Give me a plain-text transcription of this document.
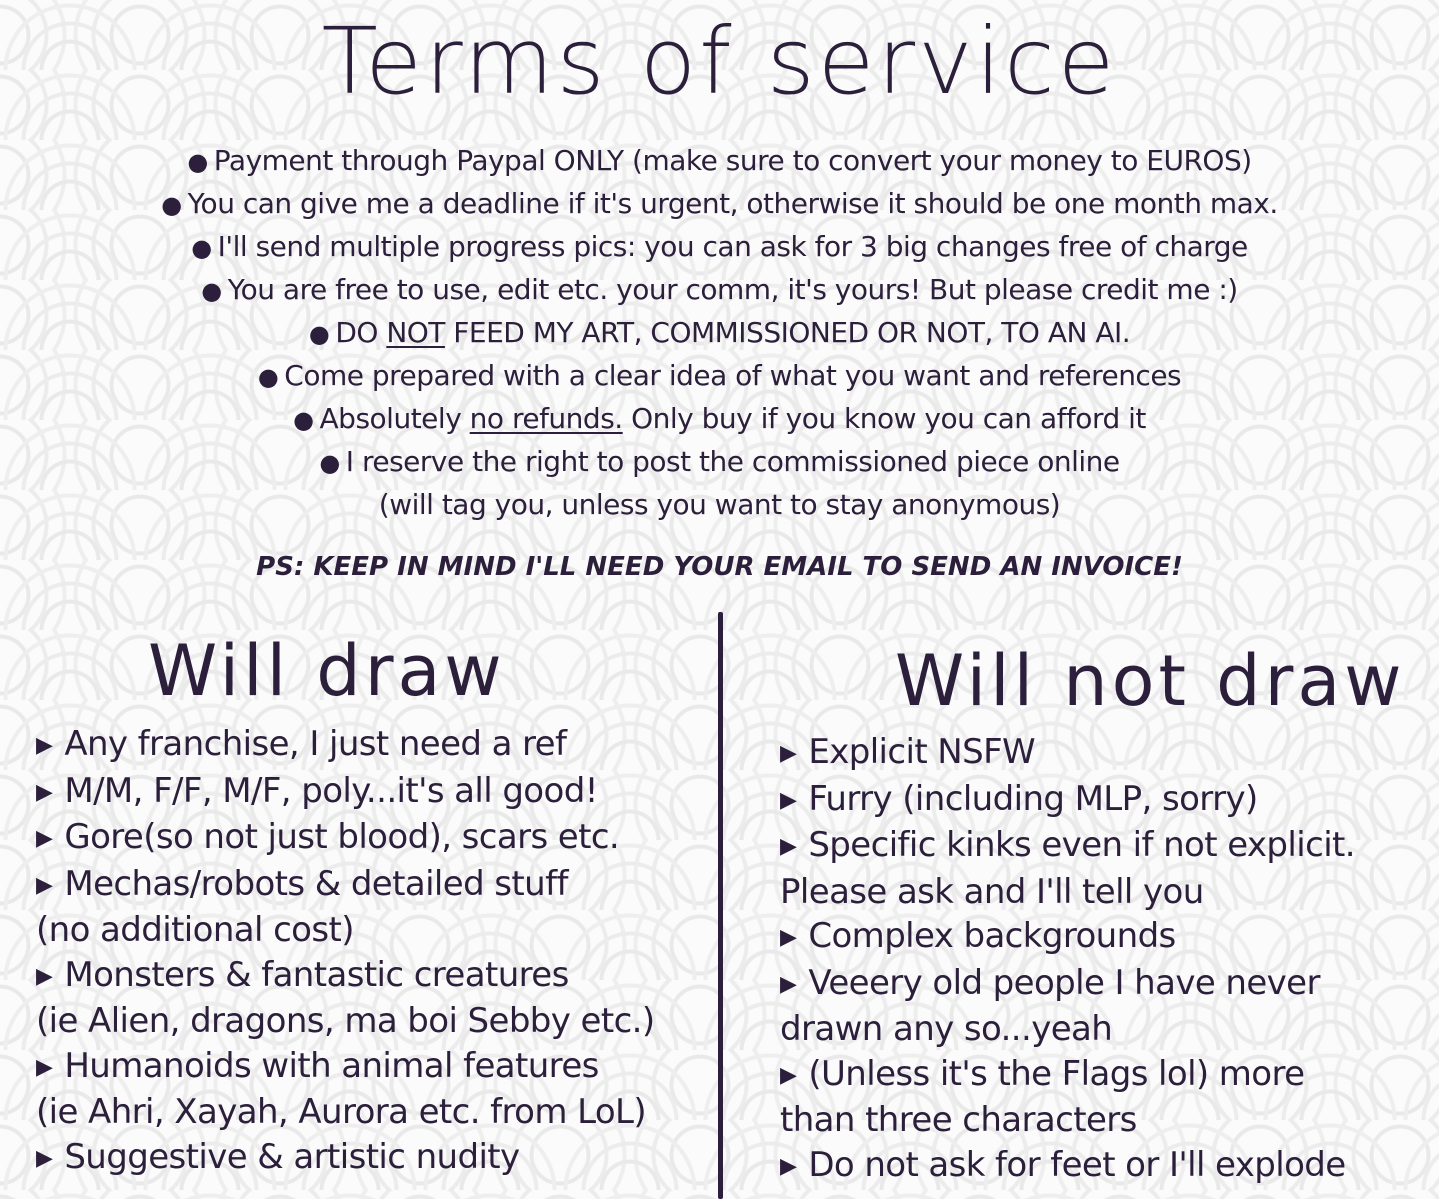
Terms of service
● Payment through Paypal ONLY (make sure to convert your money to EUROS)
● You can give me a deadline if it's urgent, otherwise it should be one month max.
● I'll send multiple progress pics: you can ask for 3 big changes free of charge
● You are free to use, edit etc. your comm, it's yours! But please credit me :)
● DO NOT FEED MY ART, COMMISSIONED OR NOT, TO AN AI.
● Come prepared with a clear idea of what you want and references
● Absolutely no refunds. Only buy if you know you can afford it
● I reserve the right to post the commissioned piece online
(will tag you, unless you want to stay anonymous)

PS: KEEP IN MIND I'LL NEED YOUR EMAIL TO SEND AN INVOICE!

Will draw
▶ Any franchise, I just need a ref
▶ M/M, F/F, M/F, poly...it's all good!
▶ Gore(so not just blood), scars etc.
▶ Mechas/robots & detailed stuff
(no additional cost)
▶ Monsters & fantastic creatures
(ie Alien, dragons, ma boi Sebby etc.)
▶ Humanoids with animal features
(ie Ahri, Xayah, Aurora etc. from LoL)
▶ Suggestive & artistic nudity
Will not draw
▶ Explicit NSFW
▶ Furry (including MLP, sorry)
▶ Specific kinks even if not explicit.
Please ask and I'll tell you
▶ Complex backgrounds
▶ Veeery old people I have never
drawn any so...yeah
▶ (Unless it's the Flags lol) more
than three characters
▶ Do not ask for feet or I'll explode
